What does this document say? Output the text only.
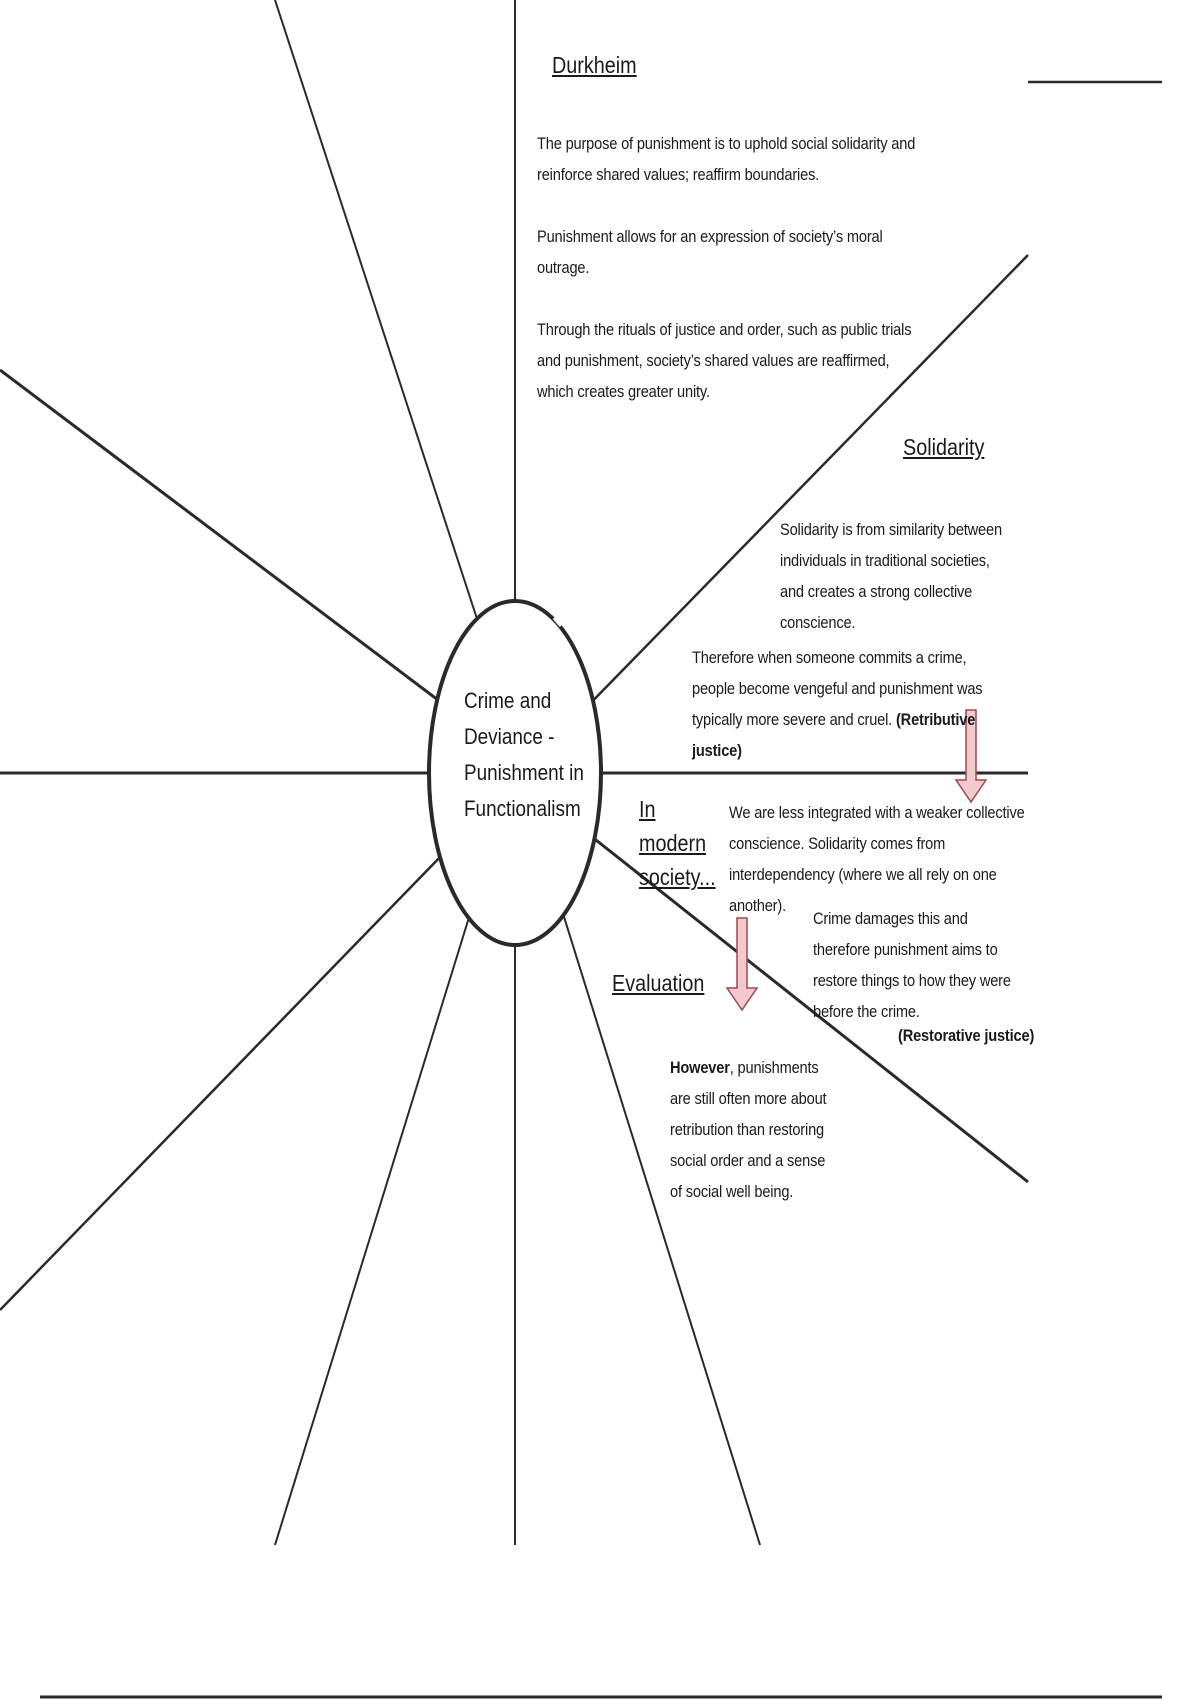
Crime and Deviance - Punishment in Functionalism
Durkheim

The purpose of punishment is to uphold social solidarity and reinforce shared values; reaffirm boundaries.

Punishment allows for an expression of society’s moral outrage.

Through the rituals of justice and order, such as public trials and punishment, society’s shared values are reaffirmed, which creates greater unity.

Solidarity
Solidarity is from similarity between individuals in traditional societies, and creates a strong collective conscience.
Therefore when someone commits a crime, people become vengeful and punishment was typically more severe and cruel. (Retributive justice)
In modern society...
We are less integrated with a weaker collective conscience. Solidarity comes from interdependency (where we all rely on one another).
Crime damages this and therefore punishment aims to restore things to how they were before the crime.
(Restorative justice)
Evaluation
However, punishments are still often more about retribution than restoring social order and a sense of social well being.
